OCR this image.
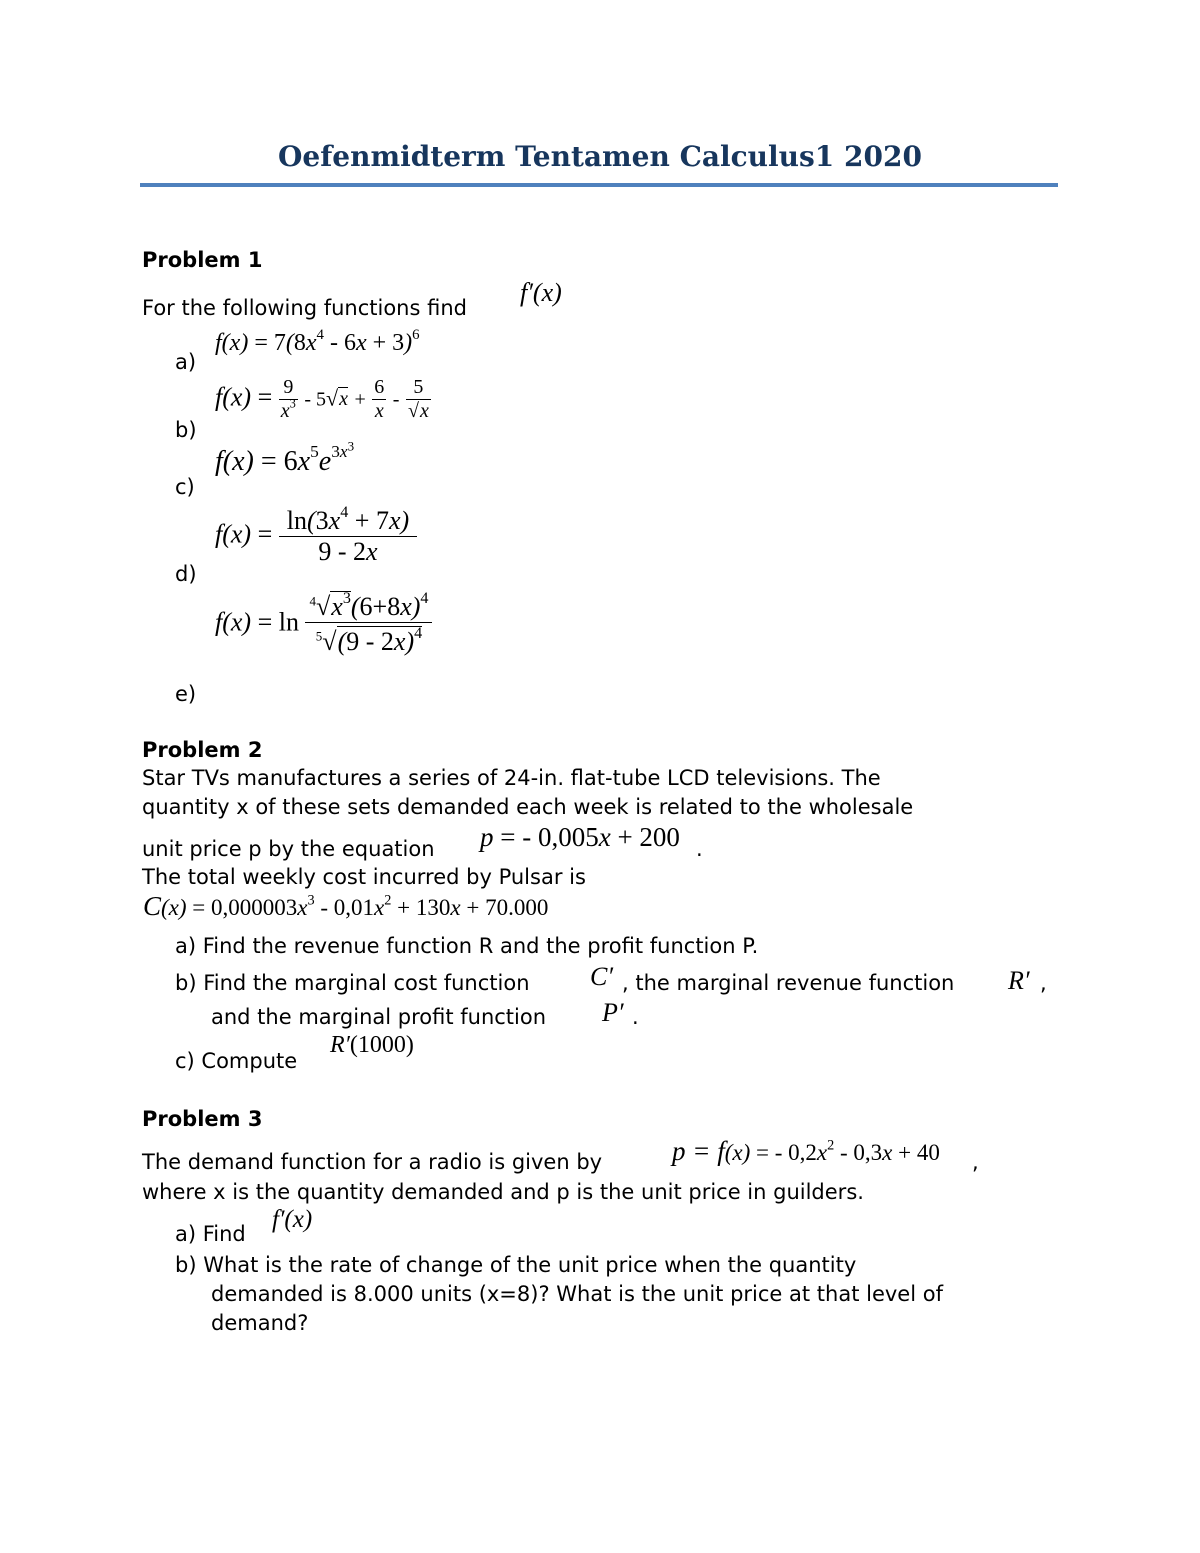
Oefenmidterm Tentamen Calculus1 2020
Problem 1
For the following functions find
f′(x)
a)
$f(x) = 7(8x^4 - 6x + 3)^6$
b)
$f(x) = \frac{9}{x^3} - 5√x + \frac{6}{x} - \frac{5}{√x}$
c)
$f(x) = 6x^5e^{3x^3}$
d)
$f(x) = \frac{\ln(3x^4 + 7x)}{9 - 2x}$
e)
$f(x) = \ln \frac{^4√x^3(6+8x)^4}{^5√(9 - 2x)^4}$
Problem 2
Star TVs manufactures a series of 24-in. flat-tube LCD televisions. The
quantity x of these sets demanded each week is related to the wholesale
unit price p by the equation p = - 0,005x + 200 .
The total weekly cost incurred by Pulsar is
$C(x) = 0,000003x^3 - 0,01x^2 + 130x + 70.000$
a) Find the revenue function R and the profit function P.
b) Find the marginal cost function C′ , the marginal revenue function R′ ,
and the marginal profit function P′ .
c) Compute
R′(1000)
Problem 3
The demand function for a radio is given by	p = f(x) = - $0,2x^2 - 0,3x + 40$ ,
where x is the quantity demanded and p is the unit price in guilders.
a) Find
f′(x)
b) What is the rate of change of the unit price when the quantity
demanded is 8.000 units (x=8)? What is the unit price at that level of
demand?
